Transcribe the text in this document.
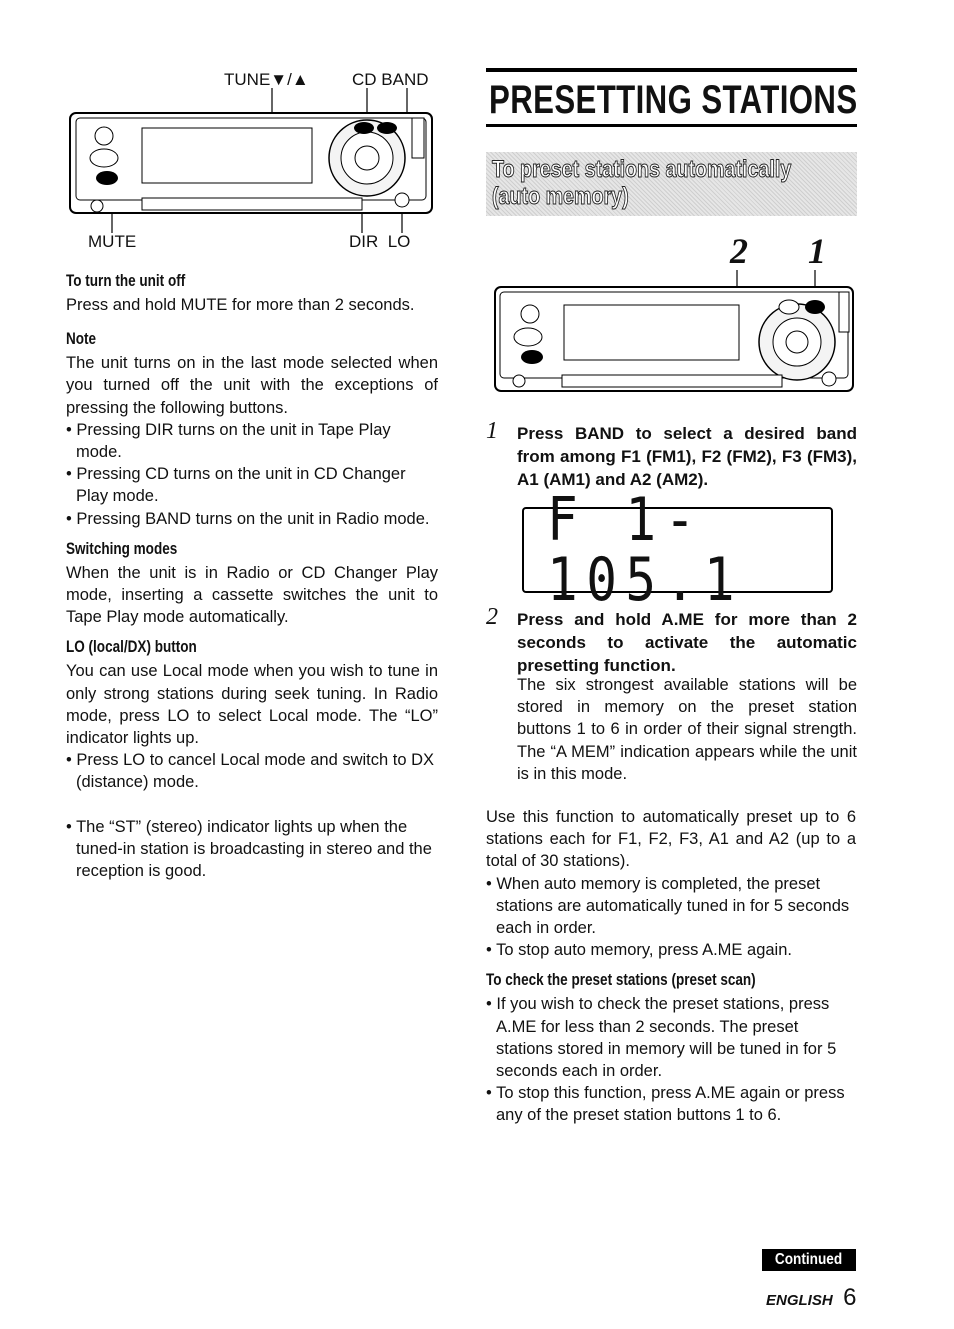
TUNE▼/▲	CD BAND
MUTE	DIR  LO
To turn the unit off

Press and hold MUTE for more than 2 seconds.

Note

The unit turns on in the last mode selected when you turned off the unit with the exceptions of pressing the following buttons.

• Pressing DIR turns on the unit in Tape Play mode.

• Pressing CD turns on the unit in CD Changer Play mode.

• Pressing BAND turns on the unit in Radio mode.

Switching modes

When the unit is in Radio or CD Changer Play mode, inserting a cassette switches the unit to Tape Play mode automatically.

LO (local/DX) button

You can use Local mode when you wish to tune in only strong stations during seek tuning. In Radio mode, press LO to select Local mode. The “LO” indicator lights up.

• Press LO to cancel Local mode and switch to DX (distance) mode.

• The “ST” (stereo) indicator lights up when the tuned-in station is broadcasting in stereo and the reception is good.

PRESETTING STATIONS
To preset stations automatically
(auto memory)
2 1
1 Press BAND to select a desired band from among F1 (FM1), F2 (FM2), F3 (FM3), A1 (AM1) and A2 (AM2).

F 1-105.1
2 Press and hold A.ME for more than 2 seconds to activate the automatic presetting function.

The six strongest available stations will be stored in memory on the preset station buttons 1 to 6 in order of their signal strength. The “A MEM” indication appears while the unit is in this mode.

Use this function to automatically preset up to 6 stations each for F1, F2, F3, A1 and A2 (up to a total of 30 stations).

• When auto memory is completed, the preset stations are automatically tuned in for 5 seconds each in order.

• To stop auto memory, press A.ME again.

To check the preset stations (preset scan)

• If you wish to check the preset stations, press A.ME for less than 2 seconds. The preset stations stored in memory will be tuned in for 5 seconds each in order.

• To stop this function, press A.ME again or press any of the preset station buttons 1 to 6.

Continued
ENGLISH 6
